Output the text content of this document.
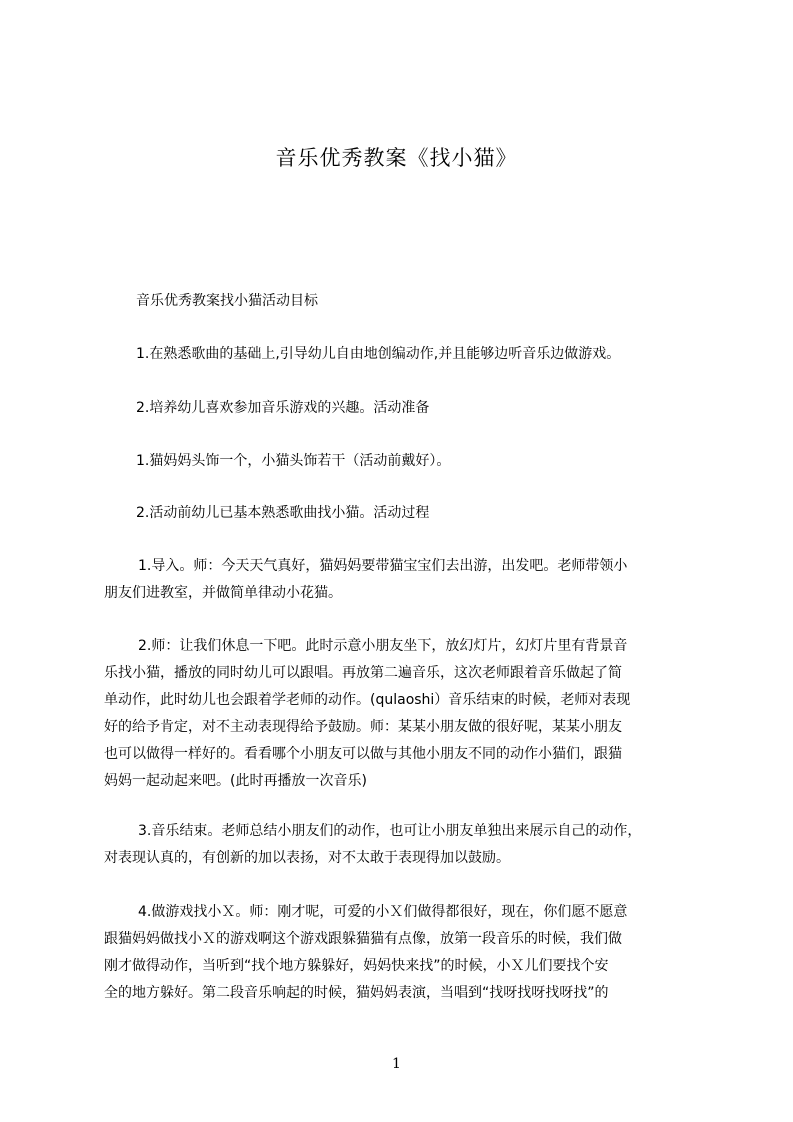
音乐优秀教案《找小猫》
音乐优秀教案找小猫活动目标
1.在熟悉歌曲的基础上,引导幼儿自由地创编动作,并且能够边听音乐边做游戏。
2.培养幼儿喜欢参加音乐游戏的兴趣。活动准备
1.猫妈妈头饰一个，小猫头饰若干（活动前戴好）。
2.活动前幼儿已基本熟悉歌曲找小猫。活动过程
1.导入。师：今天天气真好，猫妈妈要带猫宝宝们去出游，出发吧。老师带领小
朋友们进教室，并做简单律动小花猫。
2.师：让我们休息一下吧。此时示意小朋友坐下，放幻灯片，幻灯片里有背景音
乐找小猫，播放的同时幼儿可以跟唱。再放第二遍音乐，这次老师跟着音乐做起了简
单动作，此时幼儿也会跟着学老师的动作。(qulaoshi）音乐结束的时候，老师对表现
好的给予肯定，对不主动表现得给予鼓励。师：某某小朋友做的很好呢，某某小朋友
也可以做得一样好的。看看哪个小朋友可以做与其他小朋友不同的动作小猫们，跟猫
妈妈一起动起来吧。(此时再播放一次音乐)
3.音乐结束。老师总结小朋友们的动作，也可让小朋友单独出来展示自己的动作，
对表现认真的，有创新的加以表扬，对不太敢于表现得加以鼓励。
4.做游戏找小Ｘ。师：刚才呢，可爱的小Ｘ们做得都很好，现在，你们愿不愿意
跟猫妈妈做找小Ｘ的游戏啊这个游戏跟躲猫猫有点像，放第一段音乐的时候，我们做
刚才做得动作，当听到“找个地方躲躲好，妈妈快来找”的时候，小Ｘ儿们要找个安
全的地方躲好。第二段音乐响起的时候，猫妈妈表演，当唱到“找呀找呀找呀找”的
1
